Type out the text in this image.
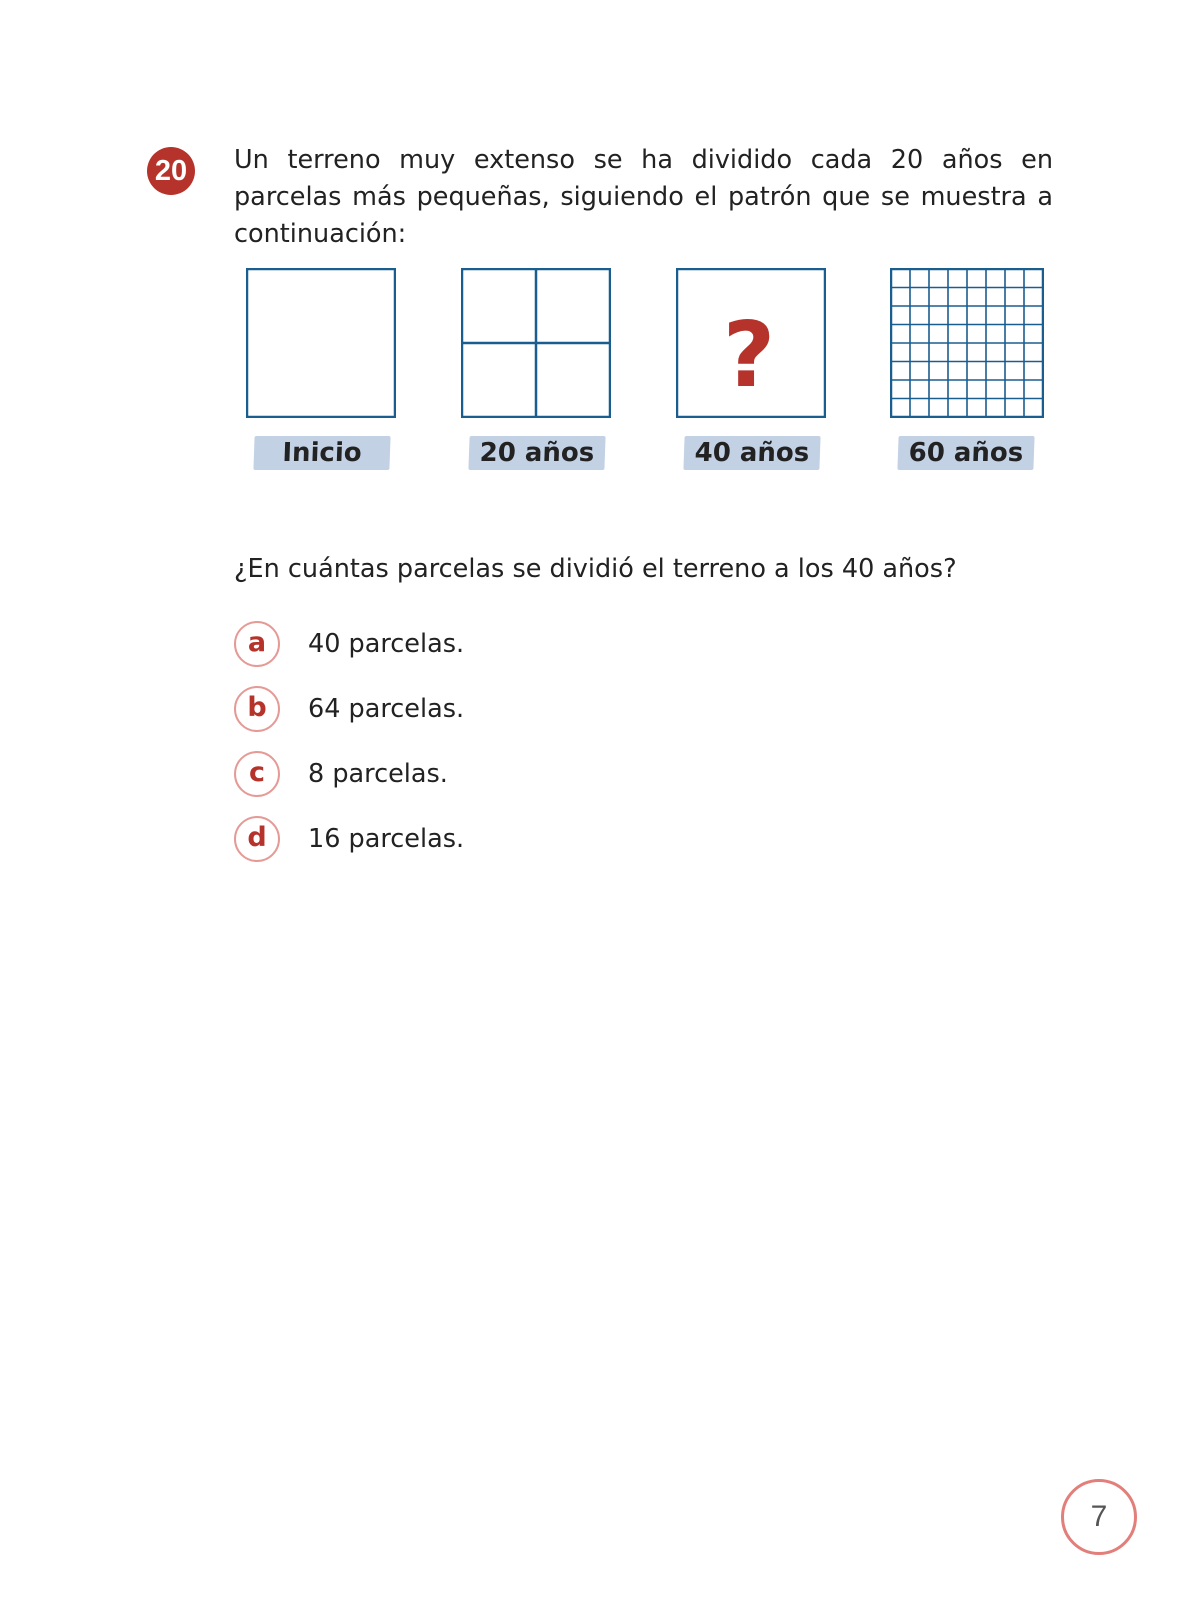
20	Un terreno muy extenso se ha dividido cada 20 años en parcelas más pequeñas, siguiendo el patrón que se muestra a continuación:

Inicio	20 años
?
40 años	60 años

¿En cuántas parcelas se dividió el terreno a los 40 años?

a	40 parcelas.
b	64 parcelas.
c	8 parcelas.
d	16 parcelas.
7
